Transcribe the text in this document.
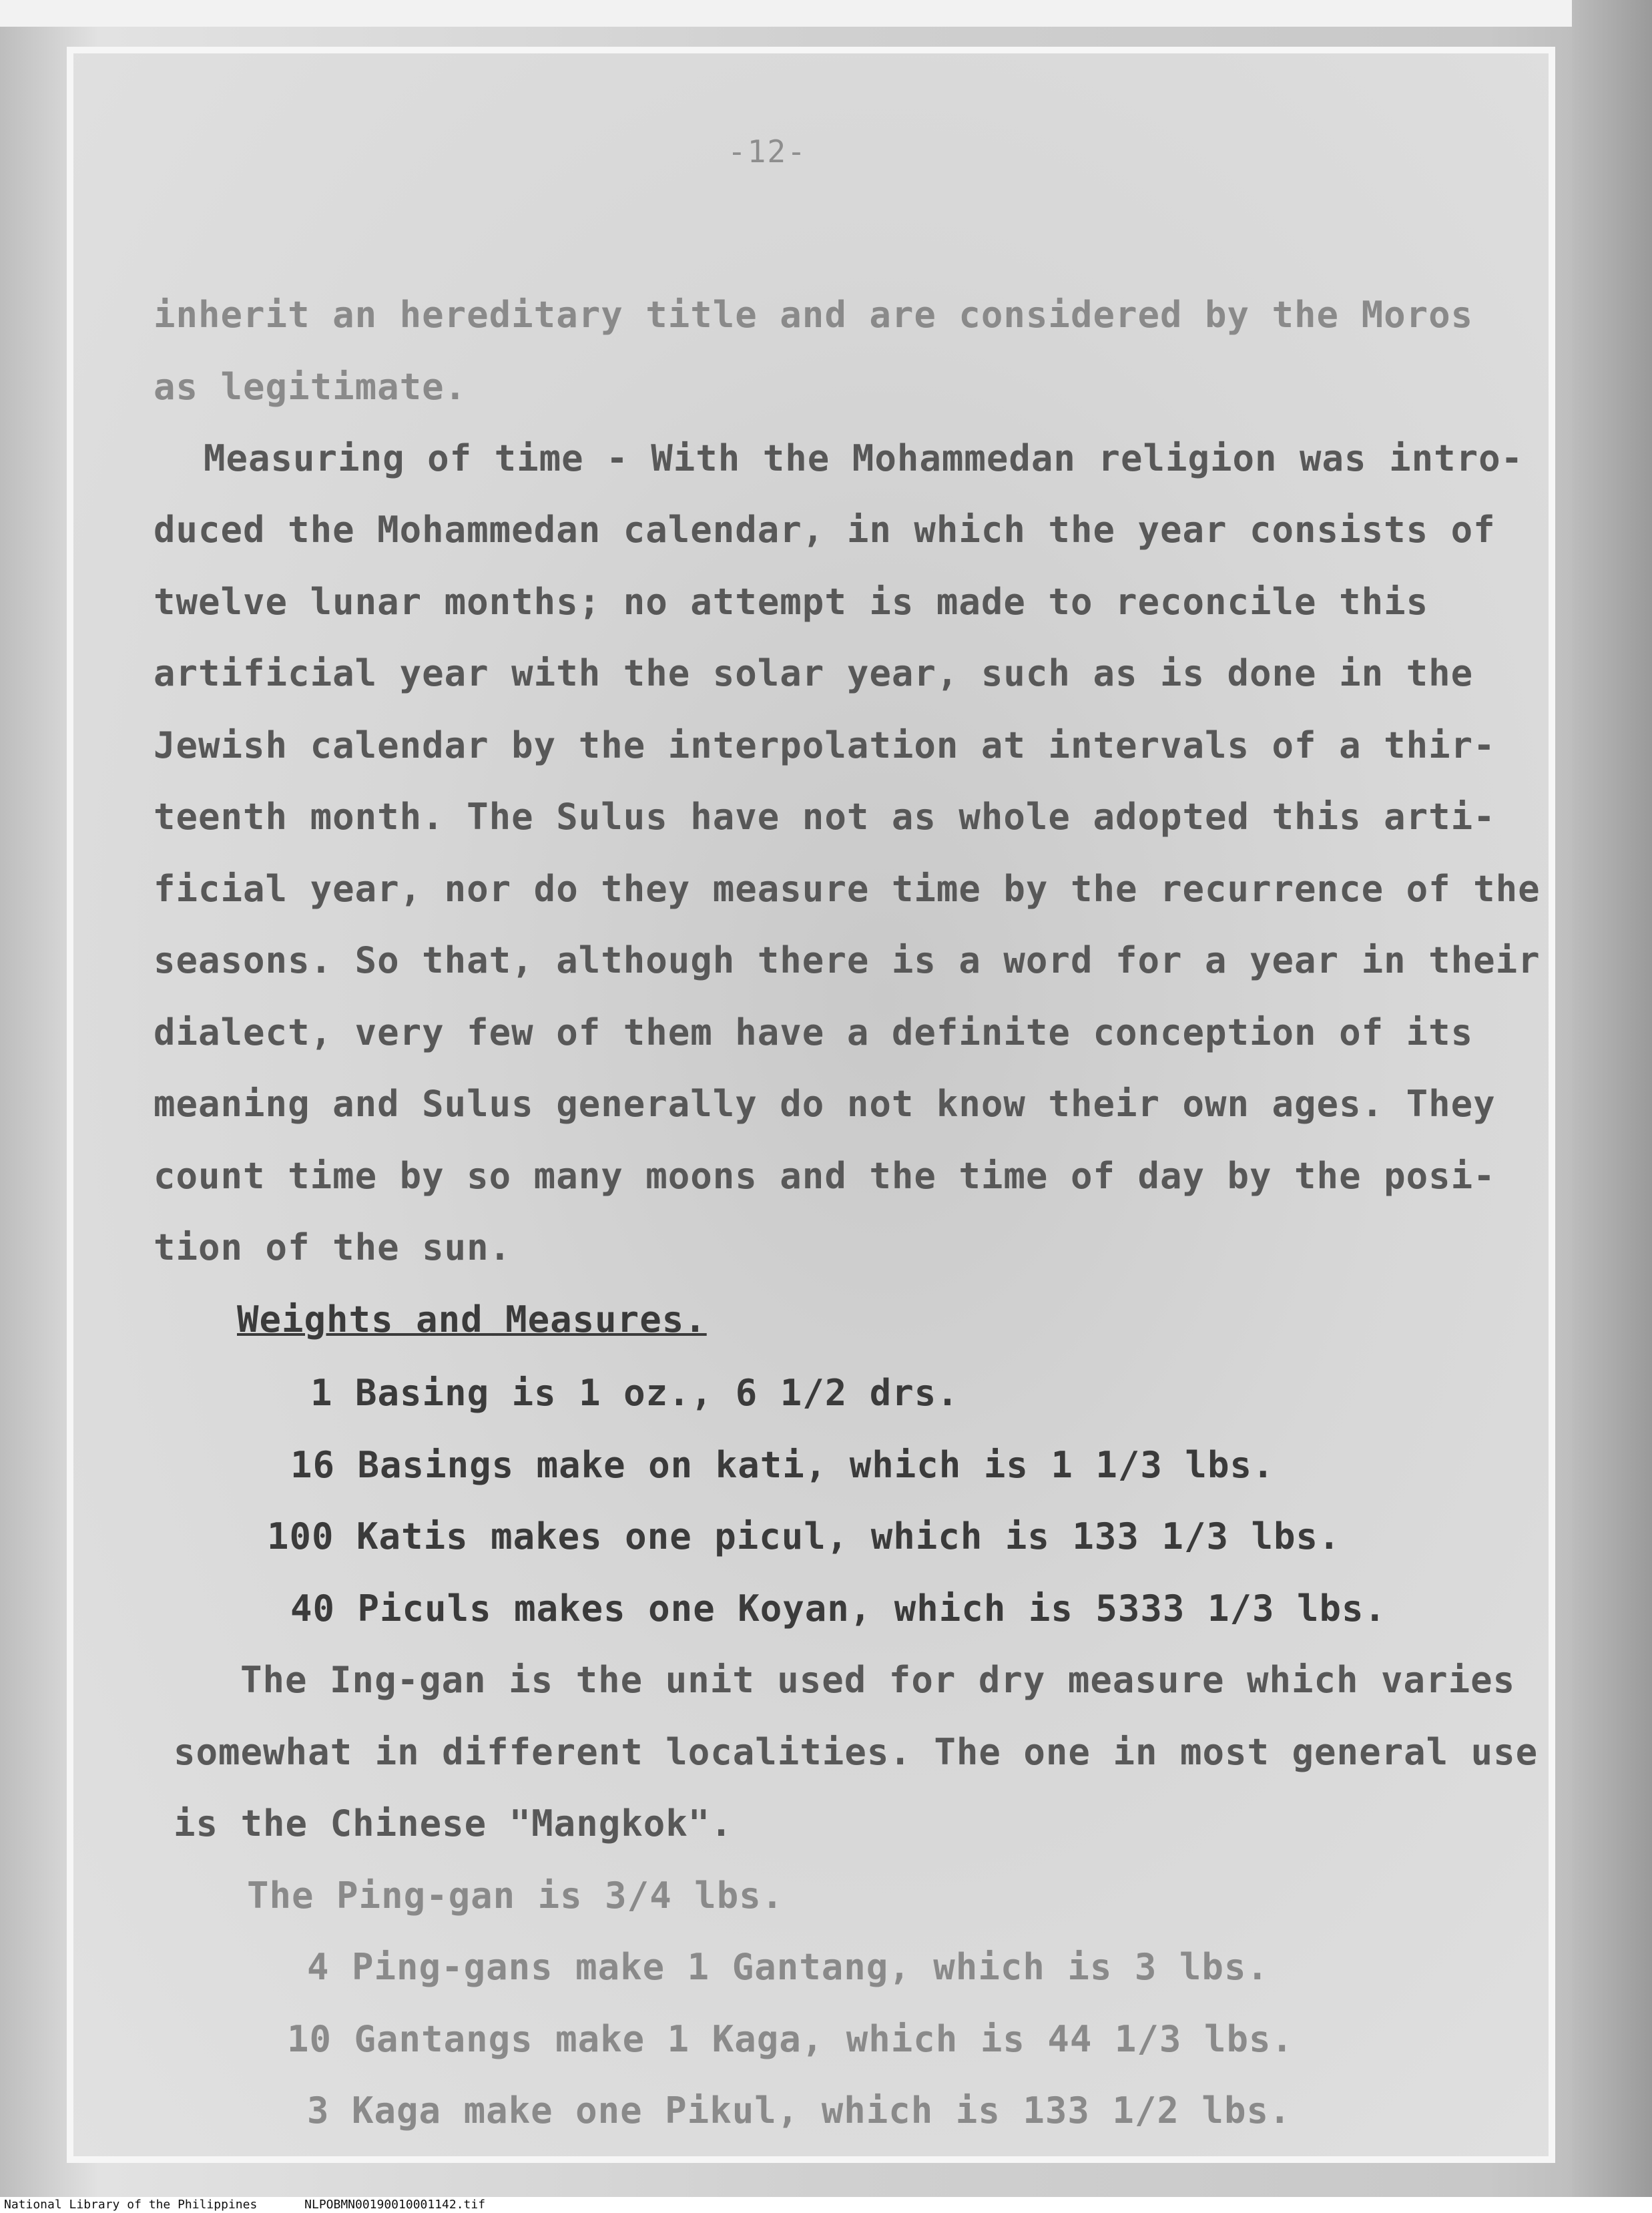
-12-
inherit an hereditary title and are considered by the Moros
as legitimate.
Measuring of time - With the Mohammedan religion was intro-
duced the Mohammedan calendar, in which the year consists of
twelve lunar months; no attempt is made to reconcile this
artificial year with the solar year, such as is done in the
Jewish calendar by the interpolation at intervals of a thir-
teenth month. The Sulus have not as whole adopted this arti-
ficial year, nor do they measure time by the recurrence of the
seasons. So that, although there is a word for a year in their
dialect, very few of them have a definite conception of its
meaning and Sulus generally do not know their own ages. They
count time by so many moons and the time of day by the posi-
tion of the sun.
Weights and Measures.
1 Basing is 1 oz., 6 1/2 drs.
16 Basings make on kati, which is 1 1/3 lbs.
100 Katis makes one picul, which is 133 1/3 lbs.
40 Piculs makes one Koyan, which is 5333 1/3 lbs.
The Ing-gan is the unit used for dry measure which varies
somewhat in different localities. The one in most general use
is the Chinese "Mangkok".
The Ping-gan is 3/4 lbs.
4 Ping-gans make 1 Gantang, which is 3 lbs.
10 Gantangs make 1 Kaga, which is 44 1/3 lbs.
3 Kaga make one Pikul, which is 133 1/2 lbs.
National Library of the Philippines	NLPOBMN00190010001142.tif
